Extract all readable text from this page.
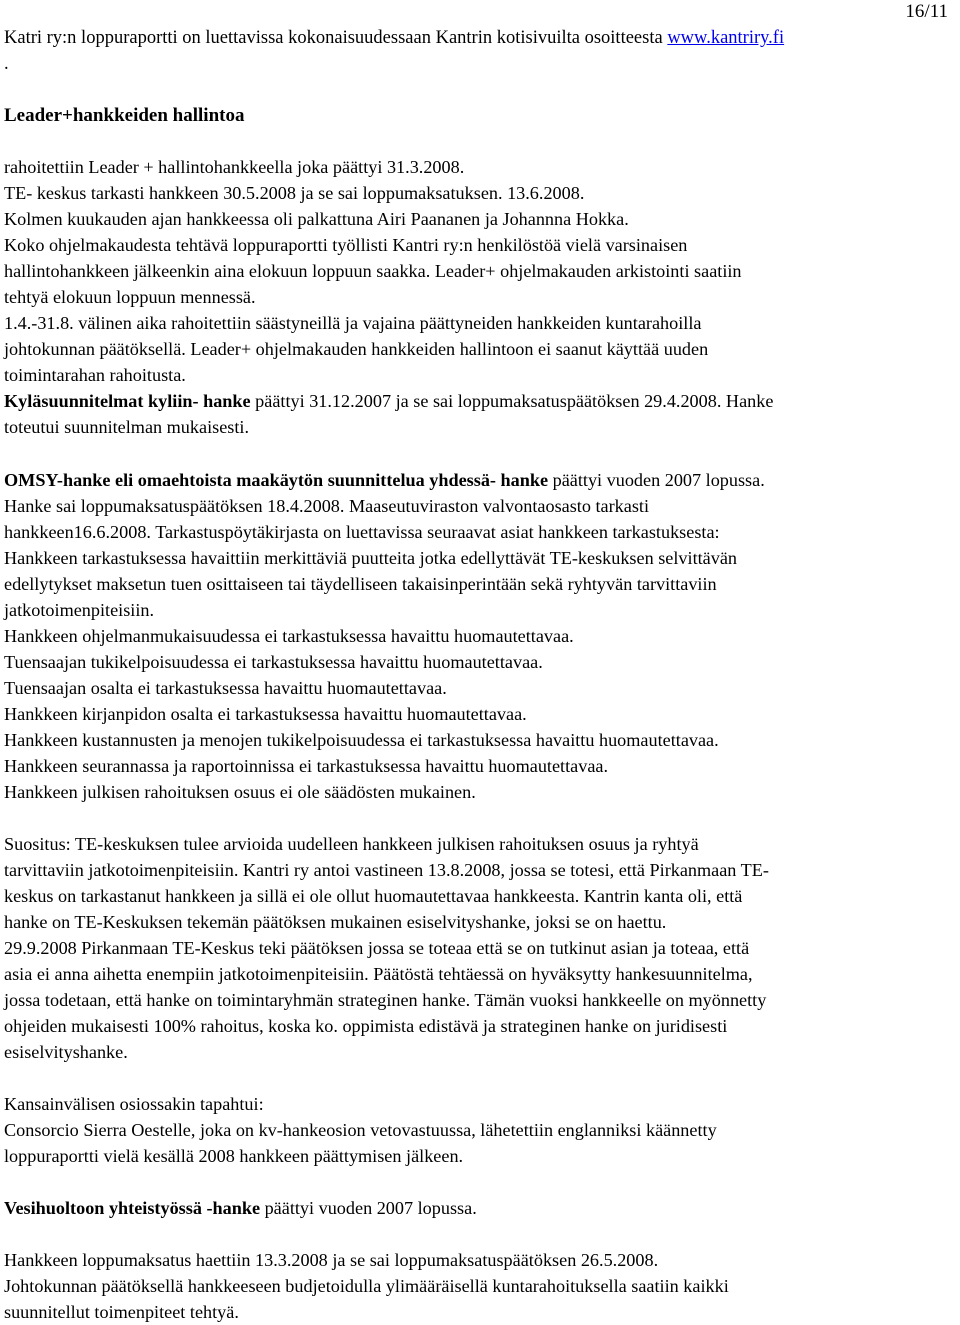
16/11
Katri ry:n loppuraportti on luettavissa kokonaisuudessaan Kantrin kotisivuilta osoitteesta www.kantriry.fi
.
Leader+hankkeiden hallintoa
rahoitettiin Leader + hallintohankkeella joka päättyi 31.3.2008.
TE- keskus tarkasti hankkeen 30.5.2008 ja se sai loppumaksatuksen. 13.6.2008.
Kolmen kuukauden ajan hankkeessa oli palkattuna Airi Paananen ja Johannna Hokka.
Koko ohjelmakaudesta tehtävä loppuraportti työllisti Kantri ry:n henkilöstöä vielä varsinaisen
hallintohankkeen jälkeenkin aina elokuun loppuun saakka. Leader+ ohjelmakauden arkistointi saatiin
tehtyä elokuun loppuun mennessä.
1.4.-31.8. välinen aika rahoitettiin säästyneillä ja vajaina päättyneiden hankkeiden kuntarahoilla
johtokunnan päätöksellä. Leader+ ohjelmakauden hankkeiden hallintoon ei saanut käyttää uuden
toimintarahan rahoitusta.
Kyläsuunnitelmat kyliin- hanke päättyi 31.12.2007 ja se sai loppumaksatuspäätöksen 29.4.2008. Hanke
toteutui suunnitelman mukaisesti.
OMSY-hanke eli omaehtoista maakäytön suunnittelua yhdessä- hanke päättyi vuoden 2007 lopussa.
Hanke sai loppumaksatuspäätöksen 18.4.2008. Maaseutuviraston valvontaosasto tarkasti
hankkeen16.6.2008. Tarkastuspöytäkirjasta on luettavissa seuraavat asiat hankkeen tarkastuksesta:
Hankkeen tarkastuksessa havaittiin merkittäviä puutteita jotka edellyttävät TE-keskuksen selvittävän
edellytykset maksetun tuen osittaiseen tai täydelliseen takaisinperintään sekä ryhtyvän tarvittaviin
jatkotoimenpiteisiin.
Hankkeen ohjelmanmukaisuudessa ei tarkastuksessa havaittu huomautettavaa.
Tuensaajan tukikelpoisuudessa ei tarkastuksessa havaittu huomautettavaa.
Tuensaajan osalta ei tarkastuksessa havaittu huomautettavaa.
Hankkeen kirjanpidon osalta ei tarkastuksessa havaittu huomautettavaa.
Hankkeen kustannusten ja menojen tukikelpoisuudessa ei tarkastuksessa havaittu huomautettavaa.
Hankkeen seurannassa ja raportoinnissa ei tarkastuksessa havaittu huomautettavaa.
Hankkeen julkisen rahoituksen osuus ei ole säädösten mukainen.
Suositus: TE-keskuksen tulee arvioida uudelleen hankkeen julkisen rahoituksen osuus ja ryhtyä
tarvittaviin jatkotoimenpiteisiin. Kantri ry antoi vastineen 13.8.2008, jossa se totesi, että Pirkanmaan TE-
keskus on tarkastanut hankkeen ja sillä ei ole ollut huomautettavaa hankkeesta. Kantrin kanta oli, että
hanke on TE-Keskuksen tekemän päätöksen mukainen esiselvityshanke, joksi se on haettu.
29.9.2008 Pirkanmaan TE-Keskus teki päätöksen jossa se toteaa että se on tutkinut asian ja toteaa, että
asia ei anna aihetta enempiin jatkotoimenpiteisiin. Päätöstä tehtäessä on hyväksytty hankesuunnitelma,
jossa todetaan, että hanke on toimintaryhmän strateginen hanke. Tämän vuoksi hankkeelle on myönnetty
ohjeiden mukaisesti 100% rahoitus, koska ko. oppimista edistävä ja strateginen hanke on juridisesti
esiselvityshanke.
Kansainvälisen osiossakin tapahtui:
Consorcio Sierra Oestelle, joka on kv-hankeosion vetovastuussa, lähetettiin englanniksi käännetty
loppuraportti vielä kesällä 2008 hankkeen päättymisen jälkeen.
Vesihuoltoon yhteistyössä -hanke päättyi vuoden 2007 lopussa.
Hankkeen loppumaksatus haettiin 13.3.2008 ja se sai loppumaksatuspäätöksen 26.5.2008.
Johtokunnan päätöksellä hankkeeseen budjetoidulla ylimääräisellä kuntarahoituksella saatiin kaikki
suunnitellut toimenpiteet tehtyä.
